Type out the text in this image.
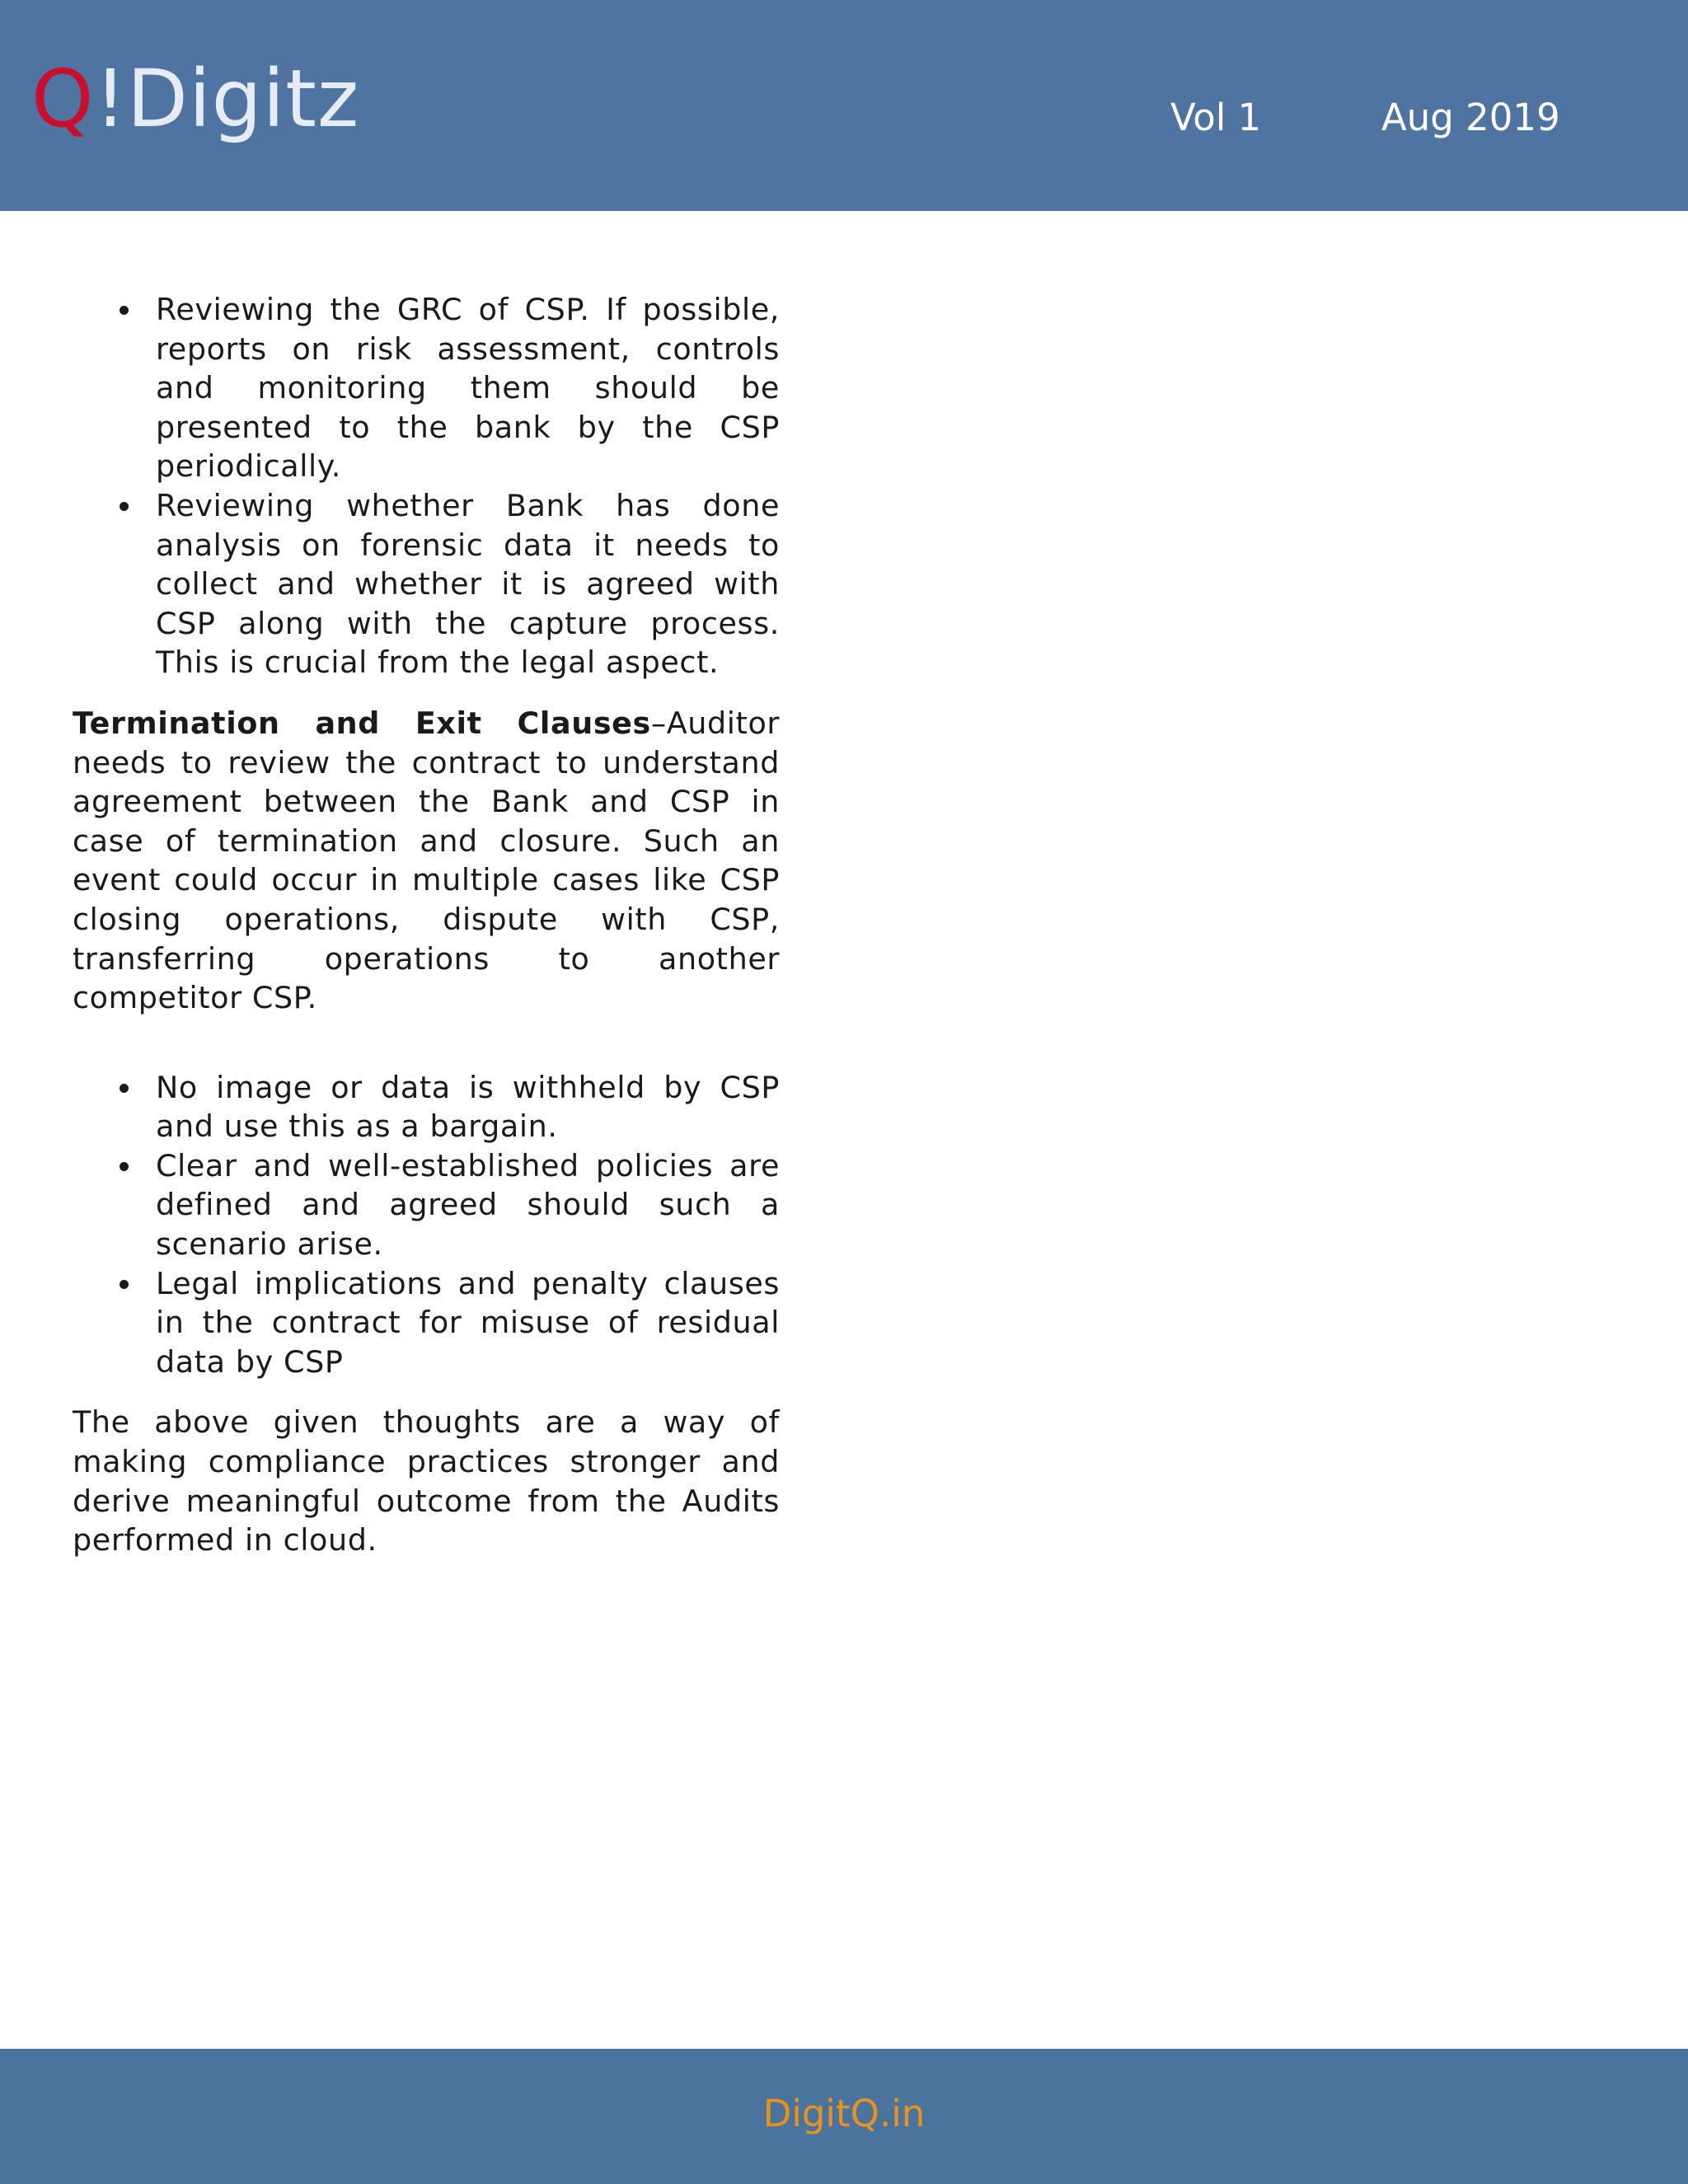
Q!Digitz	Vol 1	Aug 2019
Reviewing the GRC of CSP. If possible, reports on risk assessment, controls and monitoring them should be presented to the bank by the CSP periodically.
Reviewing whether Bank has done analysis on forensic data it needs to collect and whether it is agreed with CSP along with the capture process. This is crucial from the legal aspect.

Termination and Exit Clauses–Auditor needs to review the contract to understand agreement between the Bank and CSP in case of termination and closure. Such an event could occur in multiple cases like CSP closing operations, dispute with CSP, transferring operations to another competitor CSP.

No image or data is withheld by CSP and use this as a bargain.
Clear and well-established policies are defined and agreed should such a scenario arise.
Legal implications and penalty clauses in the contract for misuse of residual data by CSP

The above given thoughts are a way of making compliance practices stronger and derive meaningful outcome from the Audits performed in cloud.

DigitQ.in
